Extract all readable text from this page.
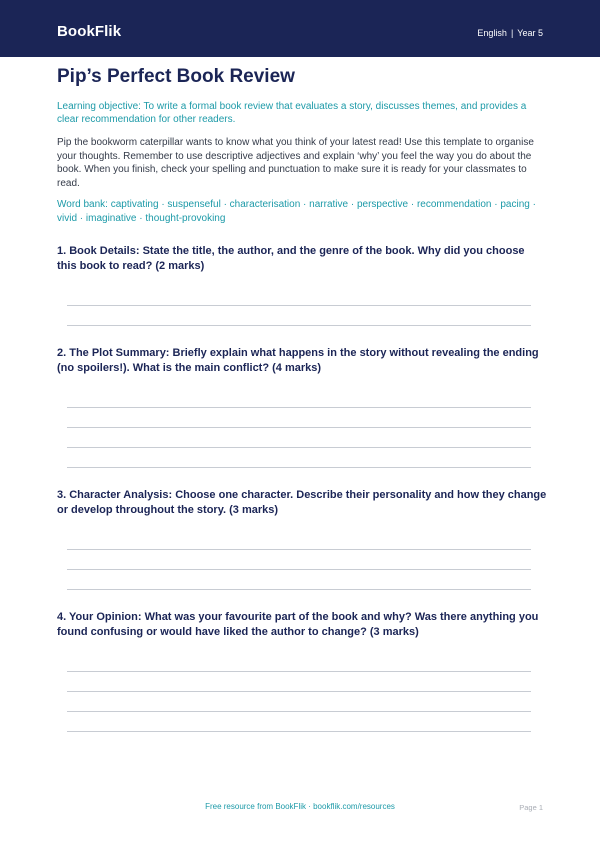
BookFlik	English | Year 5
Pip’s Perfect Book Review
Learning objective: To write a formal book review that evaluates a story, discusses themes, and provides a clear recommendation for other readers.
Pip the bookworm caterpillar wants to know what you think of your latest read! Use this template to organise your thoughts. Remember to use descriptive adjectives and explain ‘why’ you feel the way you do about the book. When you finish, check your spelling and punctuation to make sure it is ready for your classmates to read.
Word bank: captivating · suspenseful · characterisation · narrative · perspective · recommendation · pacing · vivid · imaginative · thought-provoking
1. Book Details: State the title, the author, and the genre of the book. Why did you choose this book to read? (2 marks)
2. The Plot Summary: Briefly explain what happens in the story without revealing the ending (no spoilers!). What is the main conflict? (4 marks)
3. Character Analysis: Choose one character. Describe their personality and how they change or develop throughout the story. (3 marks)
4. Your Opinion: What was your favourite part of the book and why? Was there anything you found confusing or would have liked the author to change? (3 marks)
Free resource from BookFlik · bookflik.com/resources	Page 1
